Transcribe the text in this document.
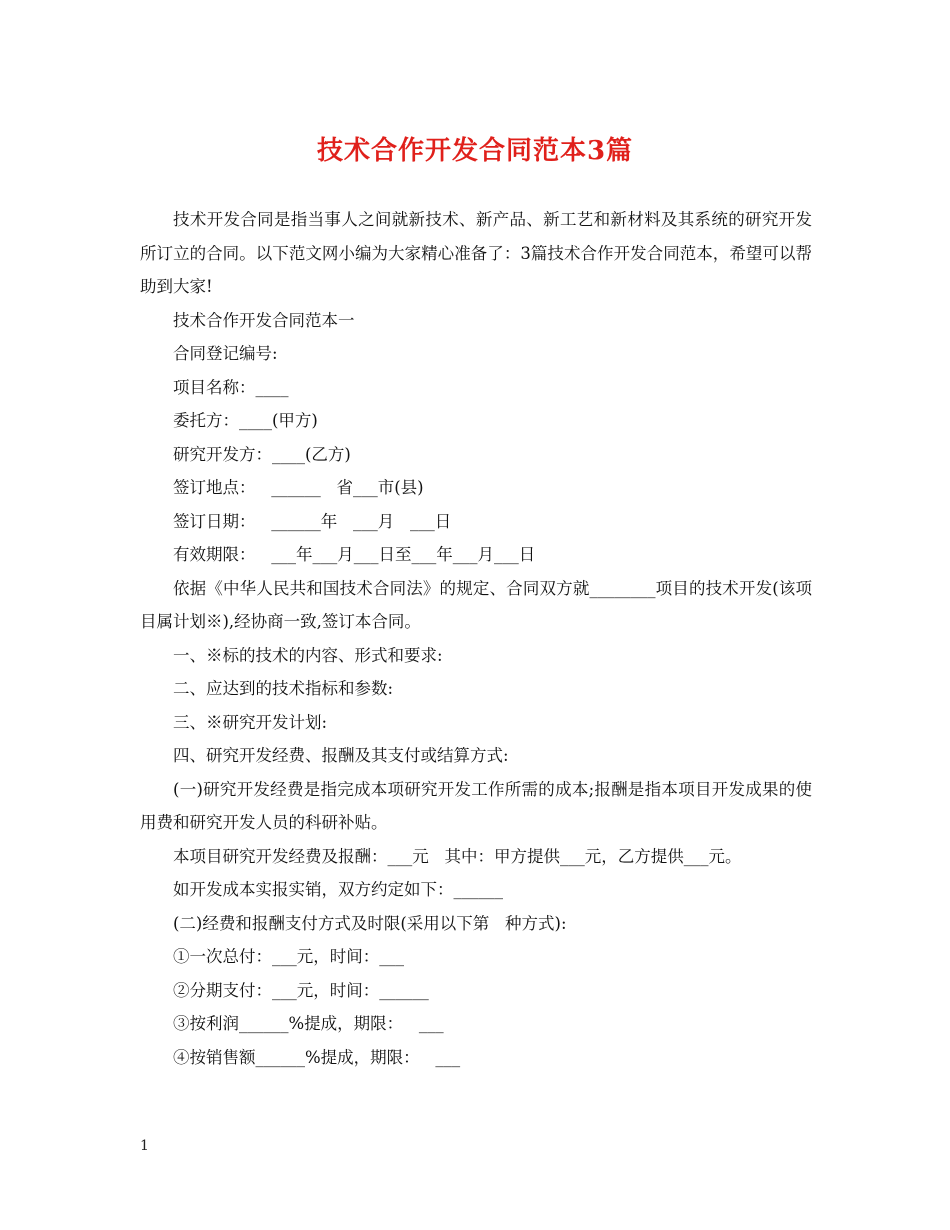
技术合作开发合同范本3篇

技术开发合同是指当事人之间就新技术、新产品、新工艺和新材料及其系统的研究开发所订立的合同。以下范文网小编为大家精心准备了：3篇技术合作开发合同范本，希望可以帮助到大家!

技术合作开发合同范本一

合同登记编号:

项目名称：____

委托方：____(甲方)

研究开发方：____(乙方)

签订地点：   ______   省___市(县)

签订日期：   ______年   ___月   ___日

有效期限：   ___年___月___日至___年___月___日

依据《中华人民共和国技术合同法》的规定、合同双方就________项目的技术开发(该项目属计划※),经协商一致,签订本合同。

一、※标的技术的内容、形式和要求:

二、应达到的技术指标和参数:

三、※研究开发计划:

四、研究开发经费、报酬及其支付或结算方式:

(一)研究开发经费是指完成本项研究开发工作所需的成本;报酬是指本项目开发成果的使用费和研究开发人员的科研补贴。

本项目研究开发经费及报酬：___元   其中：甲方提供___元，乙方提供___元。

如开发成本实报实销，双方约定如下：______

(二)经费和报酬支付方式及时限(采用以下第   种方式):

①一次总付：___元，时间：___

②分期支付：___元，时间：______

③按利润______%提成，期限：   ___

④按销售额______%提成，期限：   ___

1
